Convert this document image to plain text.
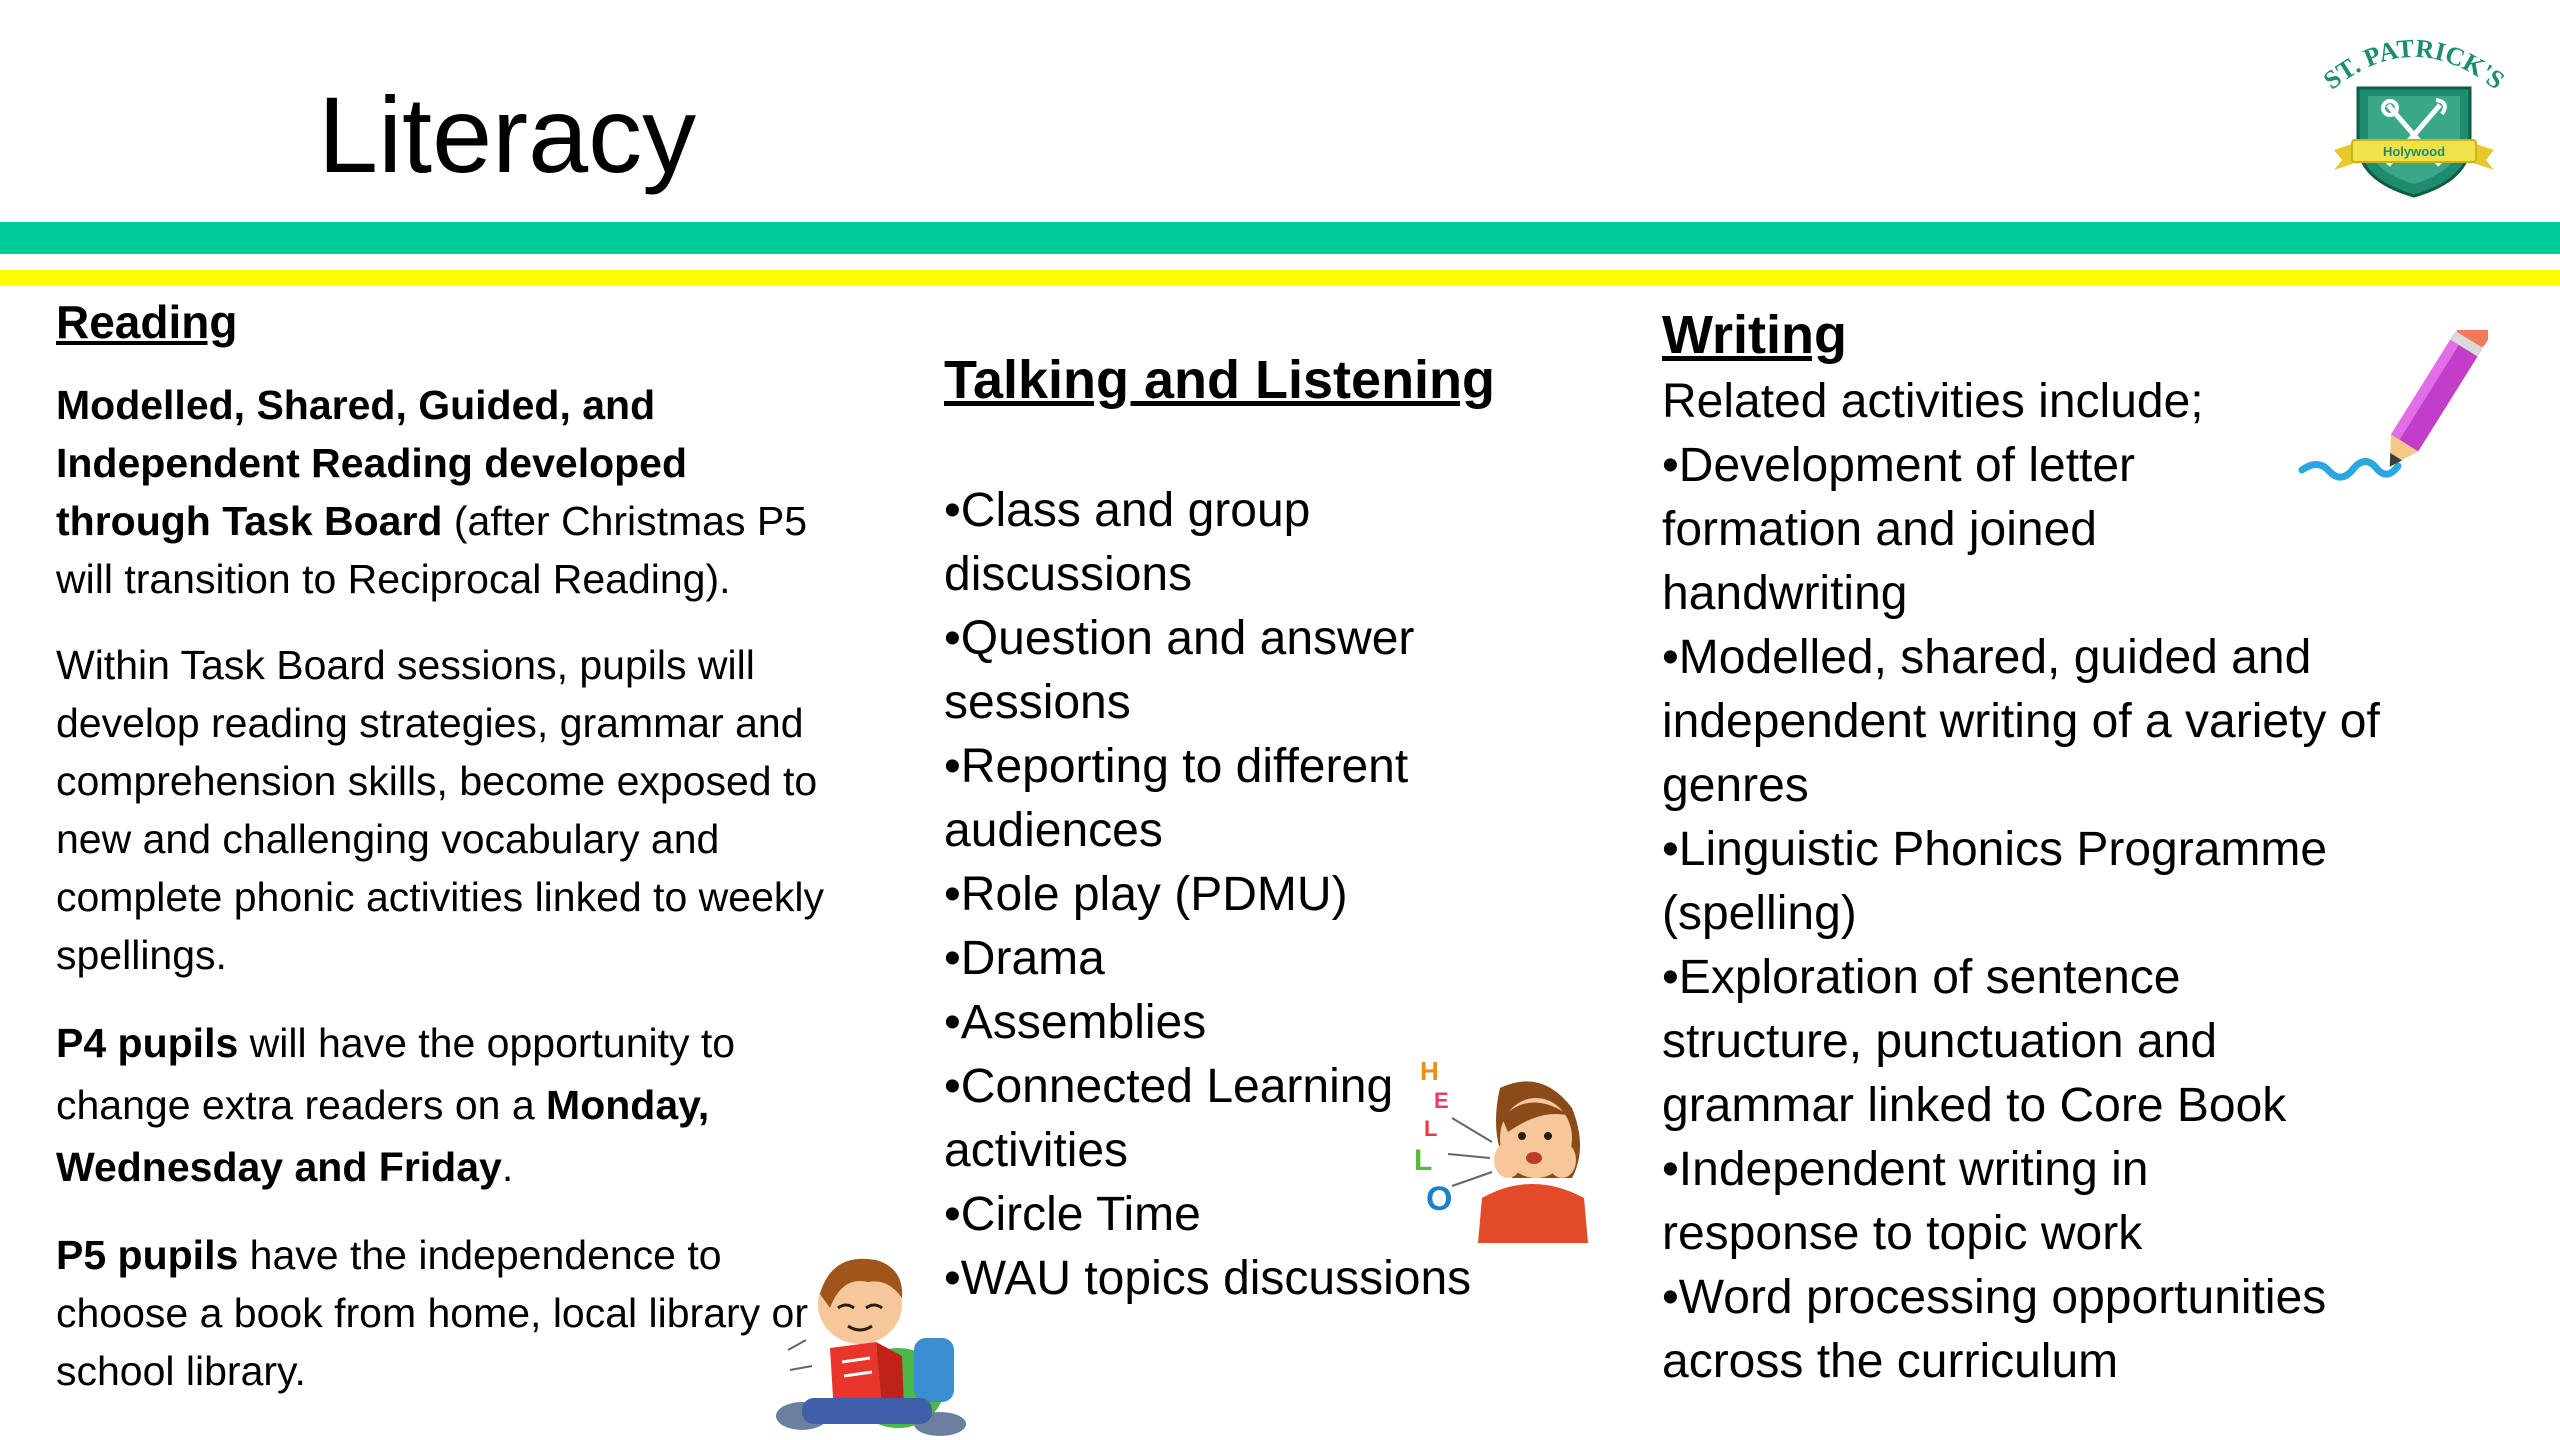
Literacy	ST. PATRICK'S
Holywood
Reading

Modelled, Shared, Guided, and Independent Reading developed through Task Board (after Christmas P5 will transition to Reciprocal Reading).

Within Task Board sessions, pupils will develop reading strategies, grammar and comprehension skills, become exposed to new and challenging vocabulary and complete phonic activities linked to weekly spellings.

P4 pupils will have the opportunity to change extra readers on a Monday, Wednesday and Friday.

P5 pupils have the independence to choose a book from home, local library or school library.

Talking and Listening
•Class and group discussions
•Question and answer sessions
•Reporting to different audiences
•Role play (PDMU)
•Drama
•Assemblies
•Connected Learning activities
•Circle Time
•WAU topics discussions
Writing

Related activities include;

•Development of letter formation and joined handwriting
•Modelled, shared, guided and independent writing of a variety of genres
•Linguistic Phonics Programme (spelling)
•Exploration of sentence structure, punctuation and grammar linked to Core Book
•Independent writing in response to topic work
•Word processing opportunities across the curriculum
H
E
L
L
O
